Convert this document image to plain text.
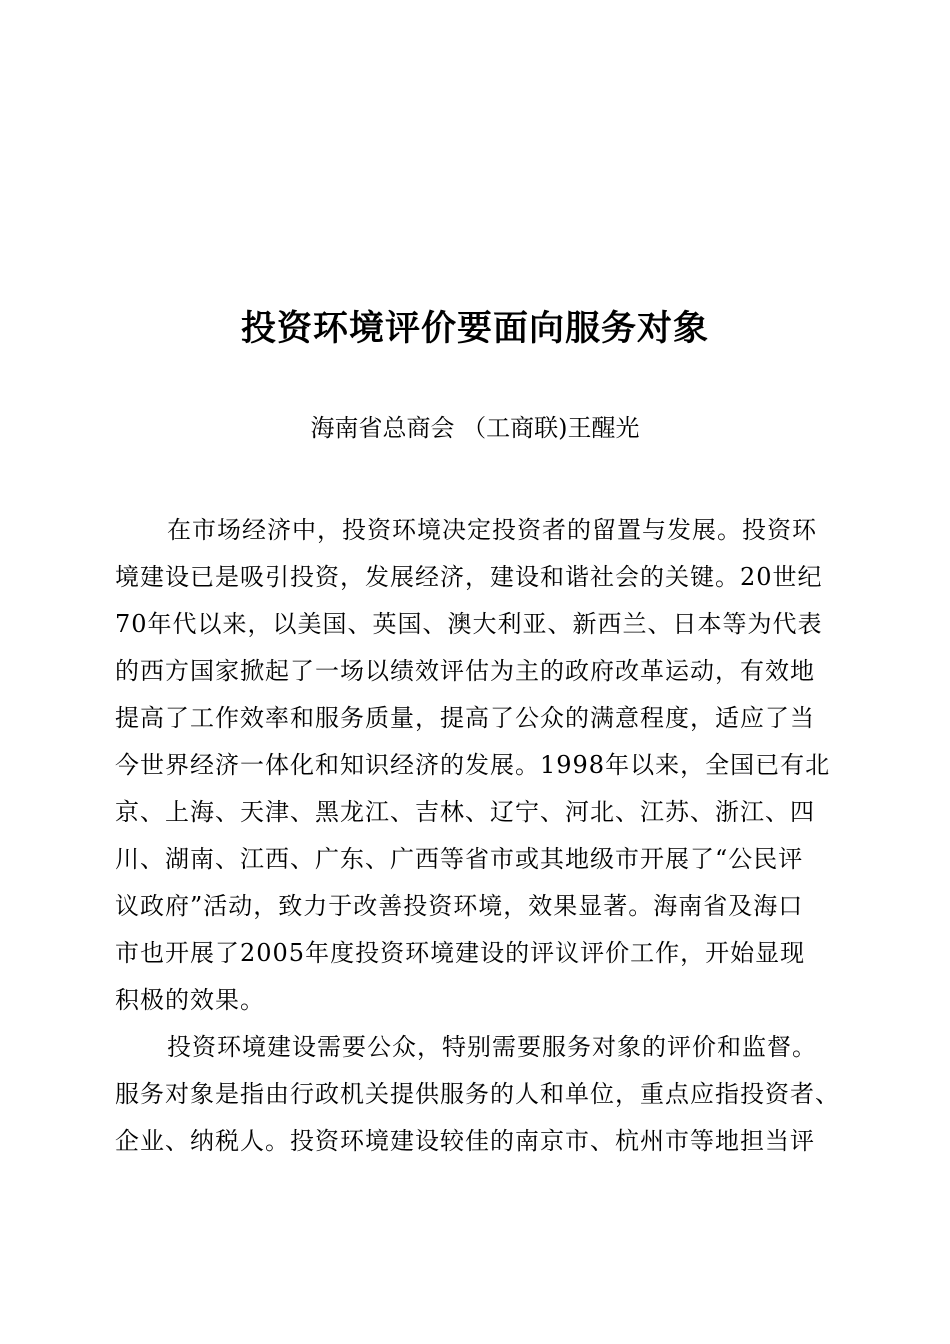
投资环境评价要面向服务对象

海南省总商会 （工商联)王醒光

在市场经济中，投资环境决定投资者的留置与发展。投资环
境建设已是吸引投资，发展经济，建设和谐社会的关键。20世纪
70年代以来，以美国、英国、澳大利亚、新西兰、日本等为代表
的西方国家掀起了一场以绩效评估为主的政府改革运动，有效地
提高了工作效率和服务质量，提高了公众的满意程度，适应了当
今世界经济一体化和知识经济的发展。1998年以来，全国已有北
京、上海、天津、黑龙江、吉林、辽宁、河北、江苏、浙江、四
川、湖南、江西、广东、广西等省市或其地级市开展了“公民评
议政府”活动，致力于改善投资环境，效果显著。海南省及海口
市也开展了2005年度投资环境建设的评议评价工作，开始显现
积极的效果。
投资环境建设需要公众，特别需要服务对象的评价和监督。
服务对象是指由行政机关提供服务的人和单位，重点应指投资者、
企业、纳税人。投资环境建设较佳的南京市、杭州市等地担当评
